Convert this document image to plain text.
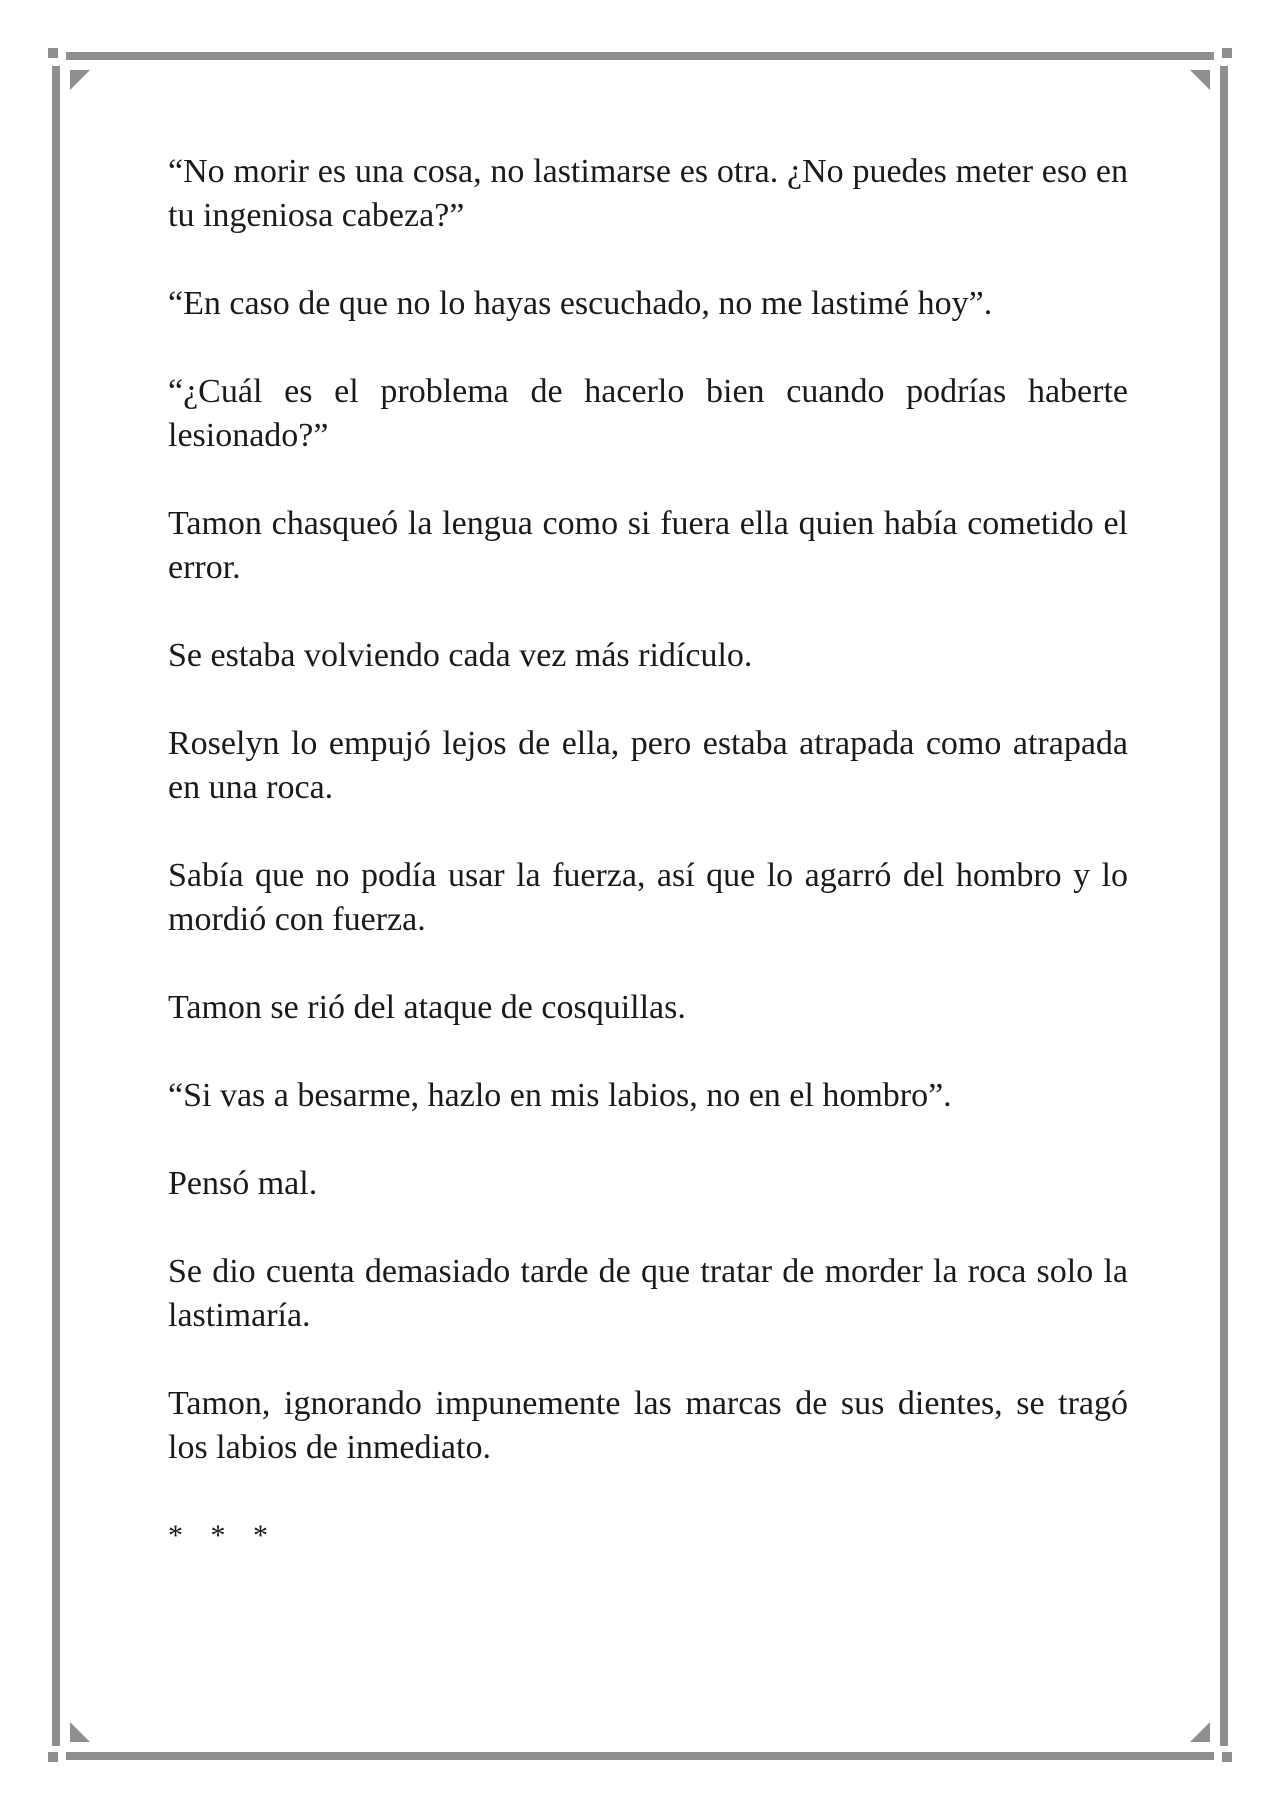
“No morir es una cosa, no lastimarse es otra. ¿No puedes meter eso en tu ingeniosa cabeza?”

“En caso de que no lo hayas escuchado, no me lastimé hoy”.

“¿Cuál es el problema de hacerlo bien cuando podrías haberte lesionado?”

Tamon chasqueó la lengua como si fuera ella quien había cometido el error.

Se estaba volviendo cada vez más ridículo.

Roselyn lo empujó lejos de ella, pero estaba atrapada como atrapada en una roca.

Sabía que no podía usar la fuerza, así que lo agarró del hombro y lo mordió con fuerza.

Tamon se rió del ataque de cosquillas.

“Si vas a besarme, hazlo en mis labios, no en el hombro”.

Pensó mal.

Se dio cuenta demasiado tarde de que tratar de morder la roca solo la lastimaría.

Tamon, ignorando impunemente las marcas de sus dientes, se tragó los labios de inmediato.

* * *
